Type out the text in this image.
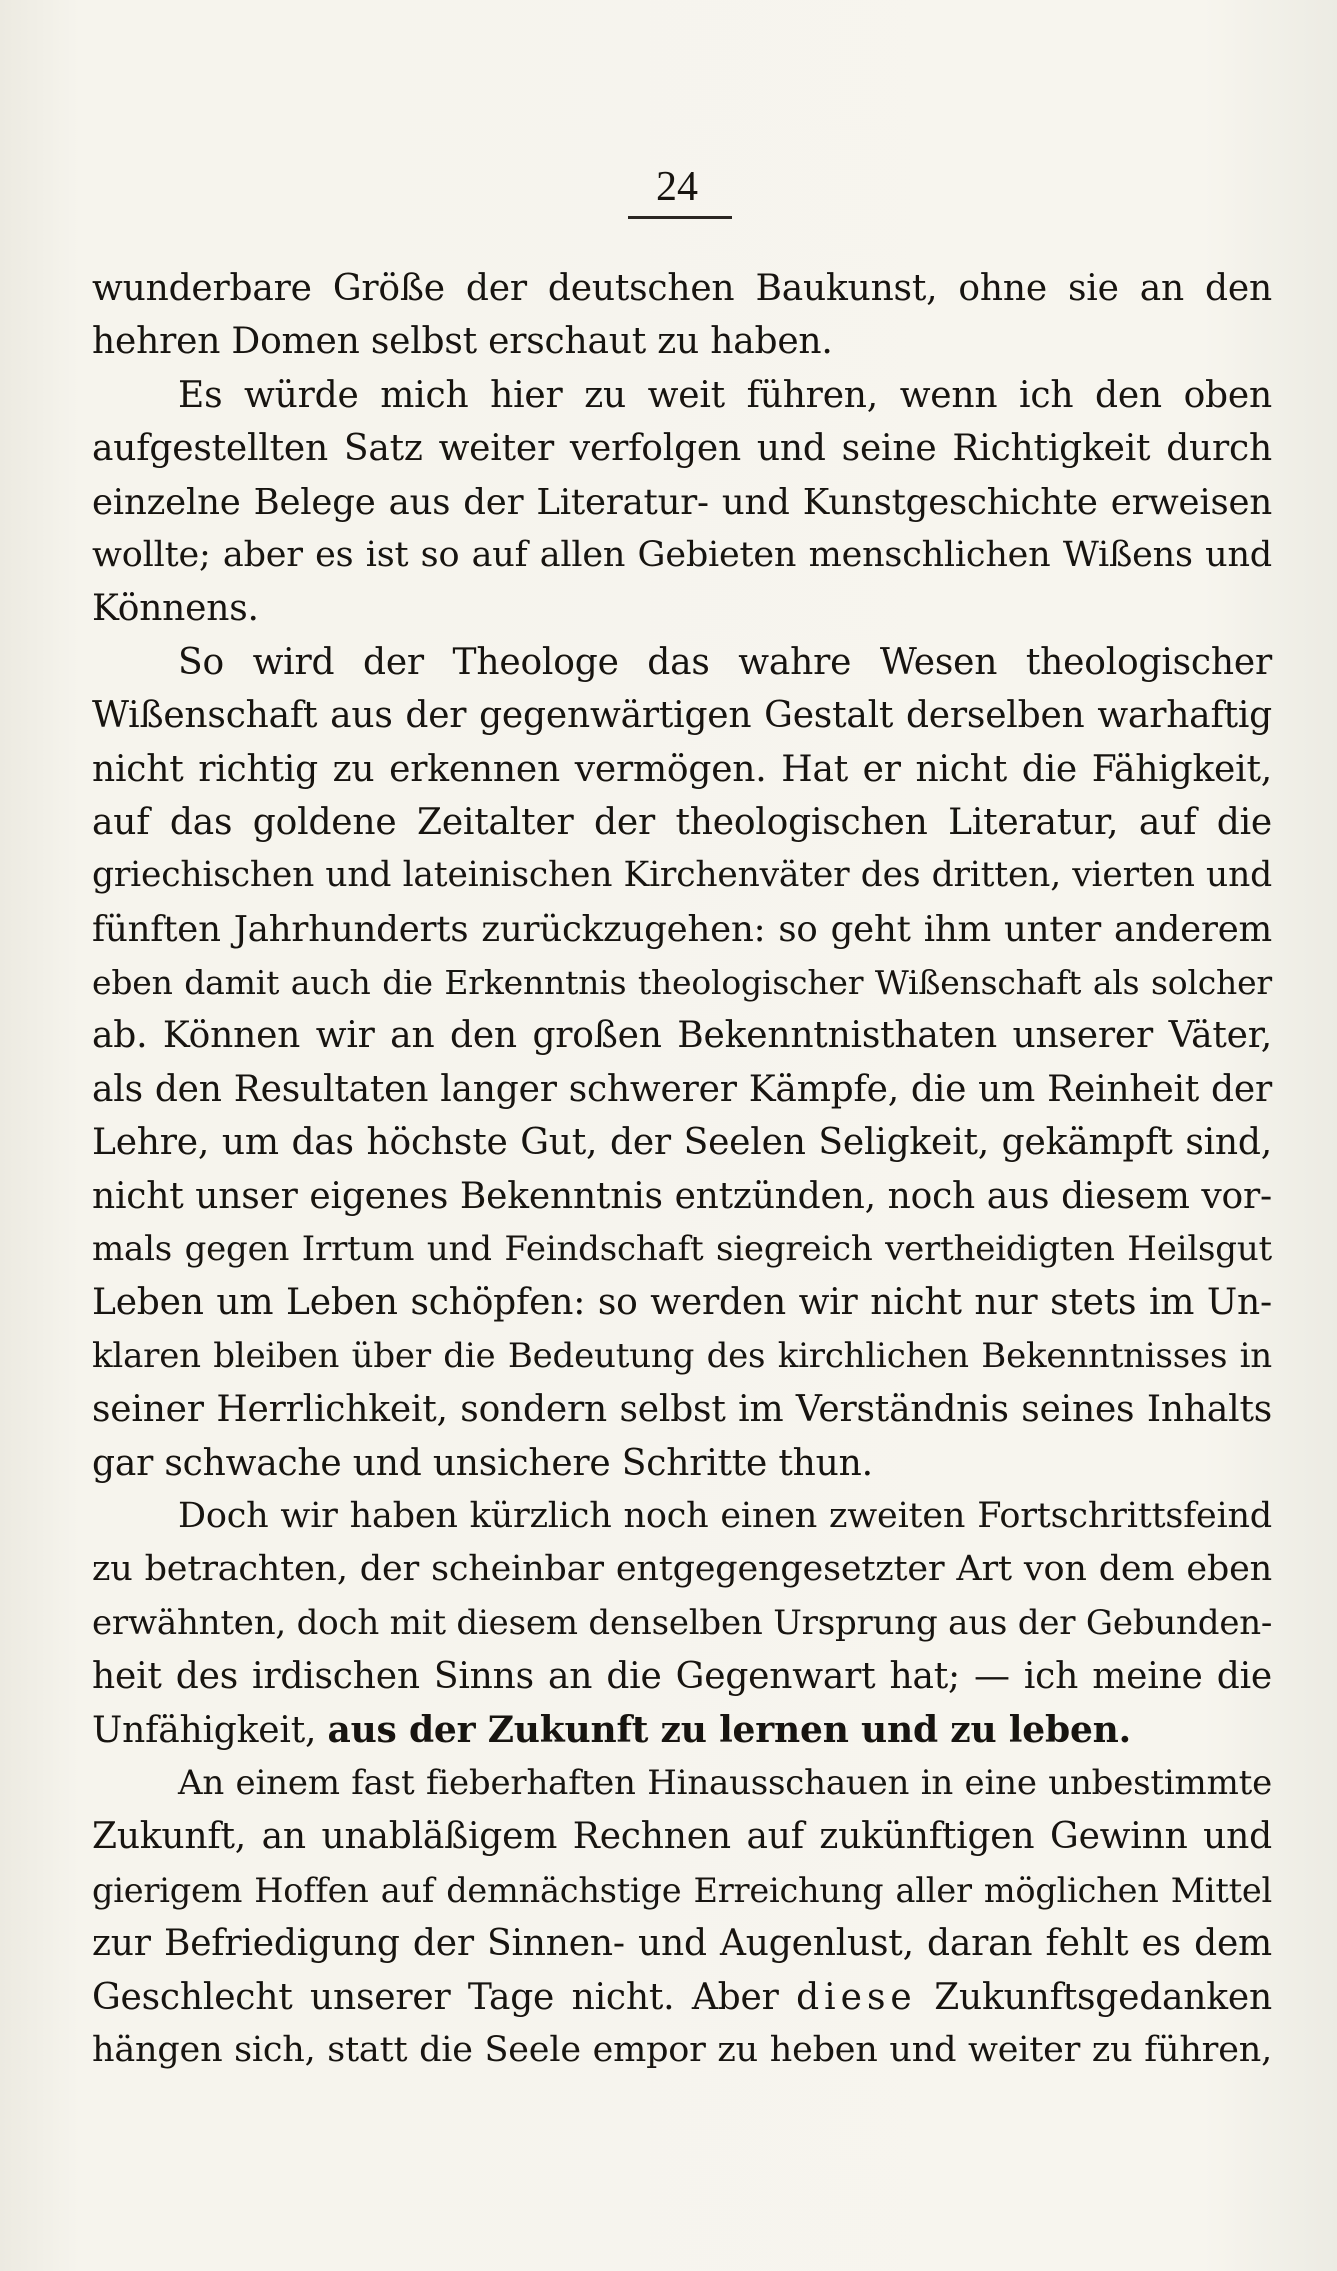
24
wunderbare Größe der deutschen Baukunst, ohne sie an den
hehren Domen selbst erschaut zu haben.
Es würde mich hier zu weit führen, wenn ich den oben
aufgestellten Satz weiter verfolgen und seine Richtigkeit durch
einzelne Belege aus der Literatur- und Kunstgeschichte erweisen
wollte; aber es ist so auf allen Gebieten menschlichen Wißens und
Könnens.
So wird der Theologe das wahre Wesen theologischer
Wißenschaft aus der gegenwärtigen Gestalt derselben warhaftig
nicht richtig zu erkennen vermögen. Hat er nicht die Fähigkeit,
auf das goldene Zeitalter der theologischen Literatur, auf die
griechischen und lateinischen Kirchenväter des dritten, vierten und
fünften Jahrhunderts zurückzugehen: so geht ihm unter anderem
eben damit auch die Erkenntnis theologischer Wißenschaft als solcher
ab. Können wir an den großen Bekenntnisthaten unserer Väter,
als den Resultaten langer schwerer Kämpfe, die um Reinheit der
Lehre, um das höchste Gut, der Seelen Seligkeit, gekämpft sind,
nicht unser eigenes Bekenntnis entzünden, noch aus diesem vor-
mals gegen Irrtum und Feindschaft siegreich vertheidigten Heilsgut
Leben um Leben schöpfen: so werden wir nicht nur stets im Un-
klaren bleiben über die Bedeutung des kirchlichen Bekenntnisses in
seiner Herrlichkeit, sondern selbst im Verständnis seines Inhalts
gar schwache und unsichere Schritte thun.
Doch wir haben kürzlich noch einen zweiten Fortschrittsfeind
zu betrachten, der scheinbar entgegengesetzter Art von dem eben
erwähnten, doch mit diesem denselben Ursprung aus der Gebunden-
heit des irdischen Sinns an die Gegenwart hat; — ich meine die
Unfähigkeit, aus der Zukunft zu lernen und zu leben.
An einem fast fieberhaften Hinausschauen in eine unbestimmte
Zukunft, an unabläßigem Rechnen auf zukünftigen Gewinn und
gierigem Hoffen auf demnächstige Erreichung aller möglichen Mittel
zur Befriedigung der Sinnen- und Augenlust, daran fehlt es dem
Geschlecht unserer Tage nicht. Aber diese Zukunftsgedanken
hängen sich, statt die Seele empor zu heben und weiter zu führen,
